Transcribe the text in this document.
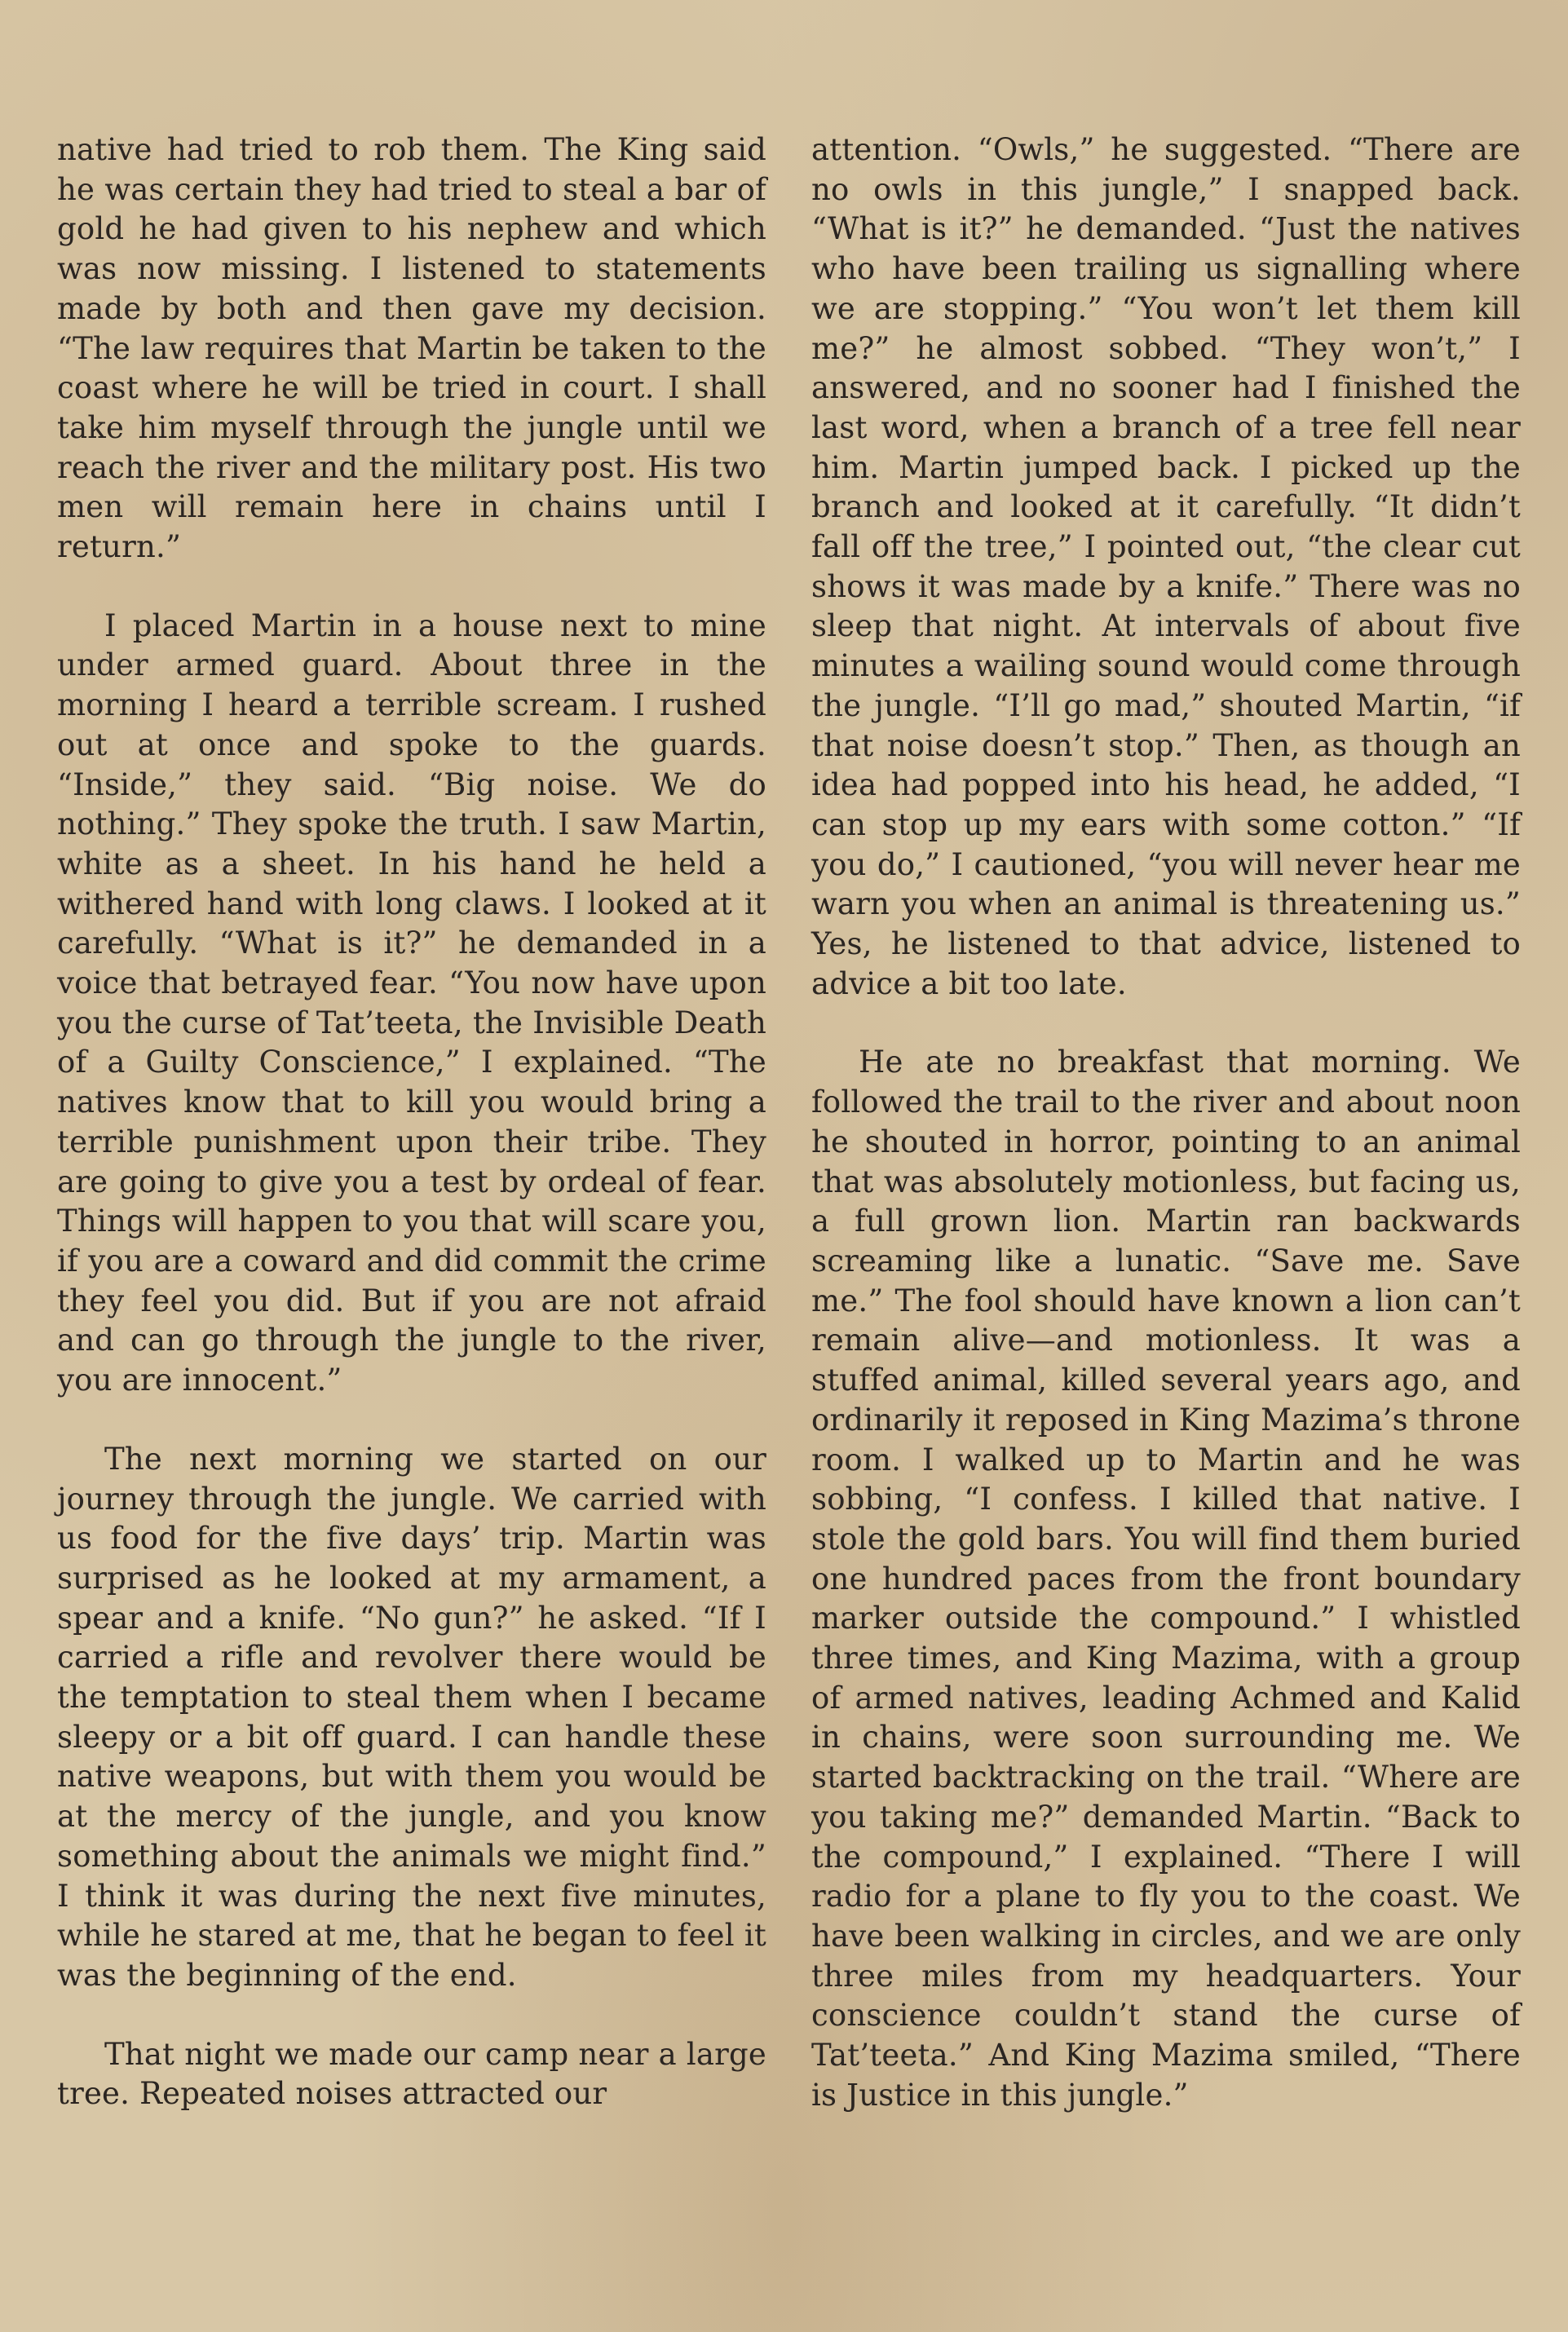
native had tried to rob them. The King said he was certain they had tried to steal a bar of gold he had given to his nephew and which was now missing. I listened to statements made by both and then gave my decision. “The law requires that Martin be taken to the coast where he will be tried in court. I shall take him myself through the jungle until we reach the river and the military post. His two men will remain here in chains until I return.”

I placed Martin in a house next to mine under armed guard. About three in the morning I heard a terrible scream. I rushed out at once and spoke to the guards. “Inside,” they said. “Big noise. We do nothing.” They spoke the truth. I saw Martin, white as a sheet. In his hand he held a withered hand with long claws. I looked at it carefully. “What is it?” he demanded in a voice that betrayed fear. “You now have upon you the curse of Tat’teeta, the Invisible Death of a Guilty Conscience,” I explained. “The natives know that to kill you would bring a terrible punishment upon their tribe. They are going to give you a test by ordeal of fear. Things will happen to you that will scare you, if you are a coward and did commit the crime they feel you did. But if you are not afraid and can go through the jungle to the river, you are innocent.”

The next morning we started on our journey through the jungle. We carried with us food for the five days’ trip. Martin was surprised as he looked at my armament, a spear and a knife. “No gun?” he asked. “If I carried a rifle and revolver there would be the temptation to steal them when I became sleepy or a bit off guard. I can handle these native weapons, but with them you would be at the mercy of the jungle, and you know something about the animals we might find.” I think it was during the next five minutes, while he stared at me, that he began to feel it was the beginning of the end.

That night we made our camp near a large tree. Repeated noises attracted our

attention. “Owls,” he suggested. “There are no owls in this jungle,” I snapped back. “What is it?” he demanded. “Just the natives who have been trailing us signalling where we are stopping.” “You won’t let them kill me?” he almost sobbed. “They won’t,” I answered, and no sooner had I finished the last word, when a branch of a tree fell near him. Martin jumped back. I picked up the branch and looked at it carefully. “It didn’t fall off the tree,” I pointed out, “the clear cut shows it was made by a knife.” There was no sleep that night. At intervals of about five minutes a wailing sound would come through the jungle. “I’ll go mad,” shouted Martin, “if that noise doesn’t stop.” Then, as though an idea had popped into his head, he added, “I can stop up my ears with some cotton.” “If you do,” I cautioned, “you will never hear me warn you when an animal is threatening us.” Yes, he listened to that advice, listened to advice a bit too late.

He ate no breakfast that morning. We followed the trail to the river and about noon he shouted in horror, pointing to an animal that was absolutely motionless, but facing us, a full grown lion. Martin ran backwards screaming like a lunatic. “Save me. Save me.” The fool should have known a lion can’t remain alive—and motionless. It was a stuffed animal, killed several years ago, and ordinarily it reposed in King Mazima’s throne room. I walked up to Martin and he was sobbing, “I confess. I killed that native. I stole the gold bars. You will find them buried one hundred paces from the front boundary marker outside the compound.” I whistled three times, and King Mazima, with a group of armed natives, leading Achmed and Kalid in chains, were soon surrounding me. We started backtracking on the trail. “Where are you taking me?” demanded Martin. “Back to the compound,” I explained. “There I will radio for a plane to fly you to the coast. We have been walking in circles, and we are only three miles from my headquarters. Your conscience couldn’t stand the curse of Tat’teeta.” And King Mazima smiled, “There is Justice in this jungle.”
